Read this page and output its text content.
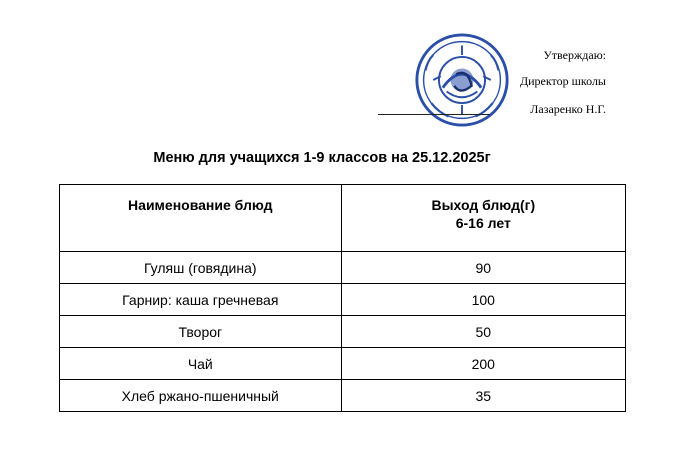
Утверждаю:
Директор школы
Лазаренко Н.Г.
Меню для учащихся 1-9 классов на 25.12.2025г
Наименование блюд	Выход блюд(г)
6-16 лет

Гуляш (говядина)	90
Гарнир: каша гречневая	100
Творог	50
Чай	200
Хлеб ржано-пшеничный	35
